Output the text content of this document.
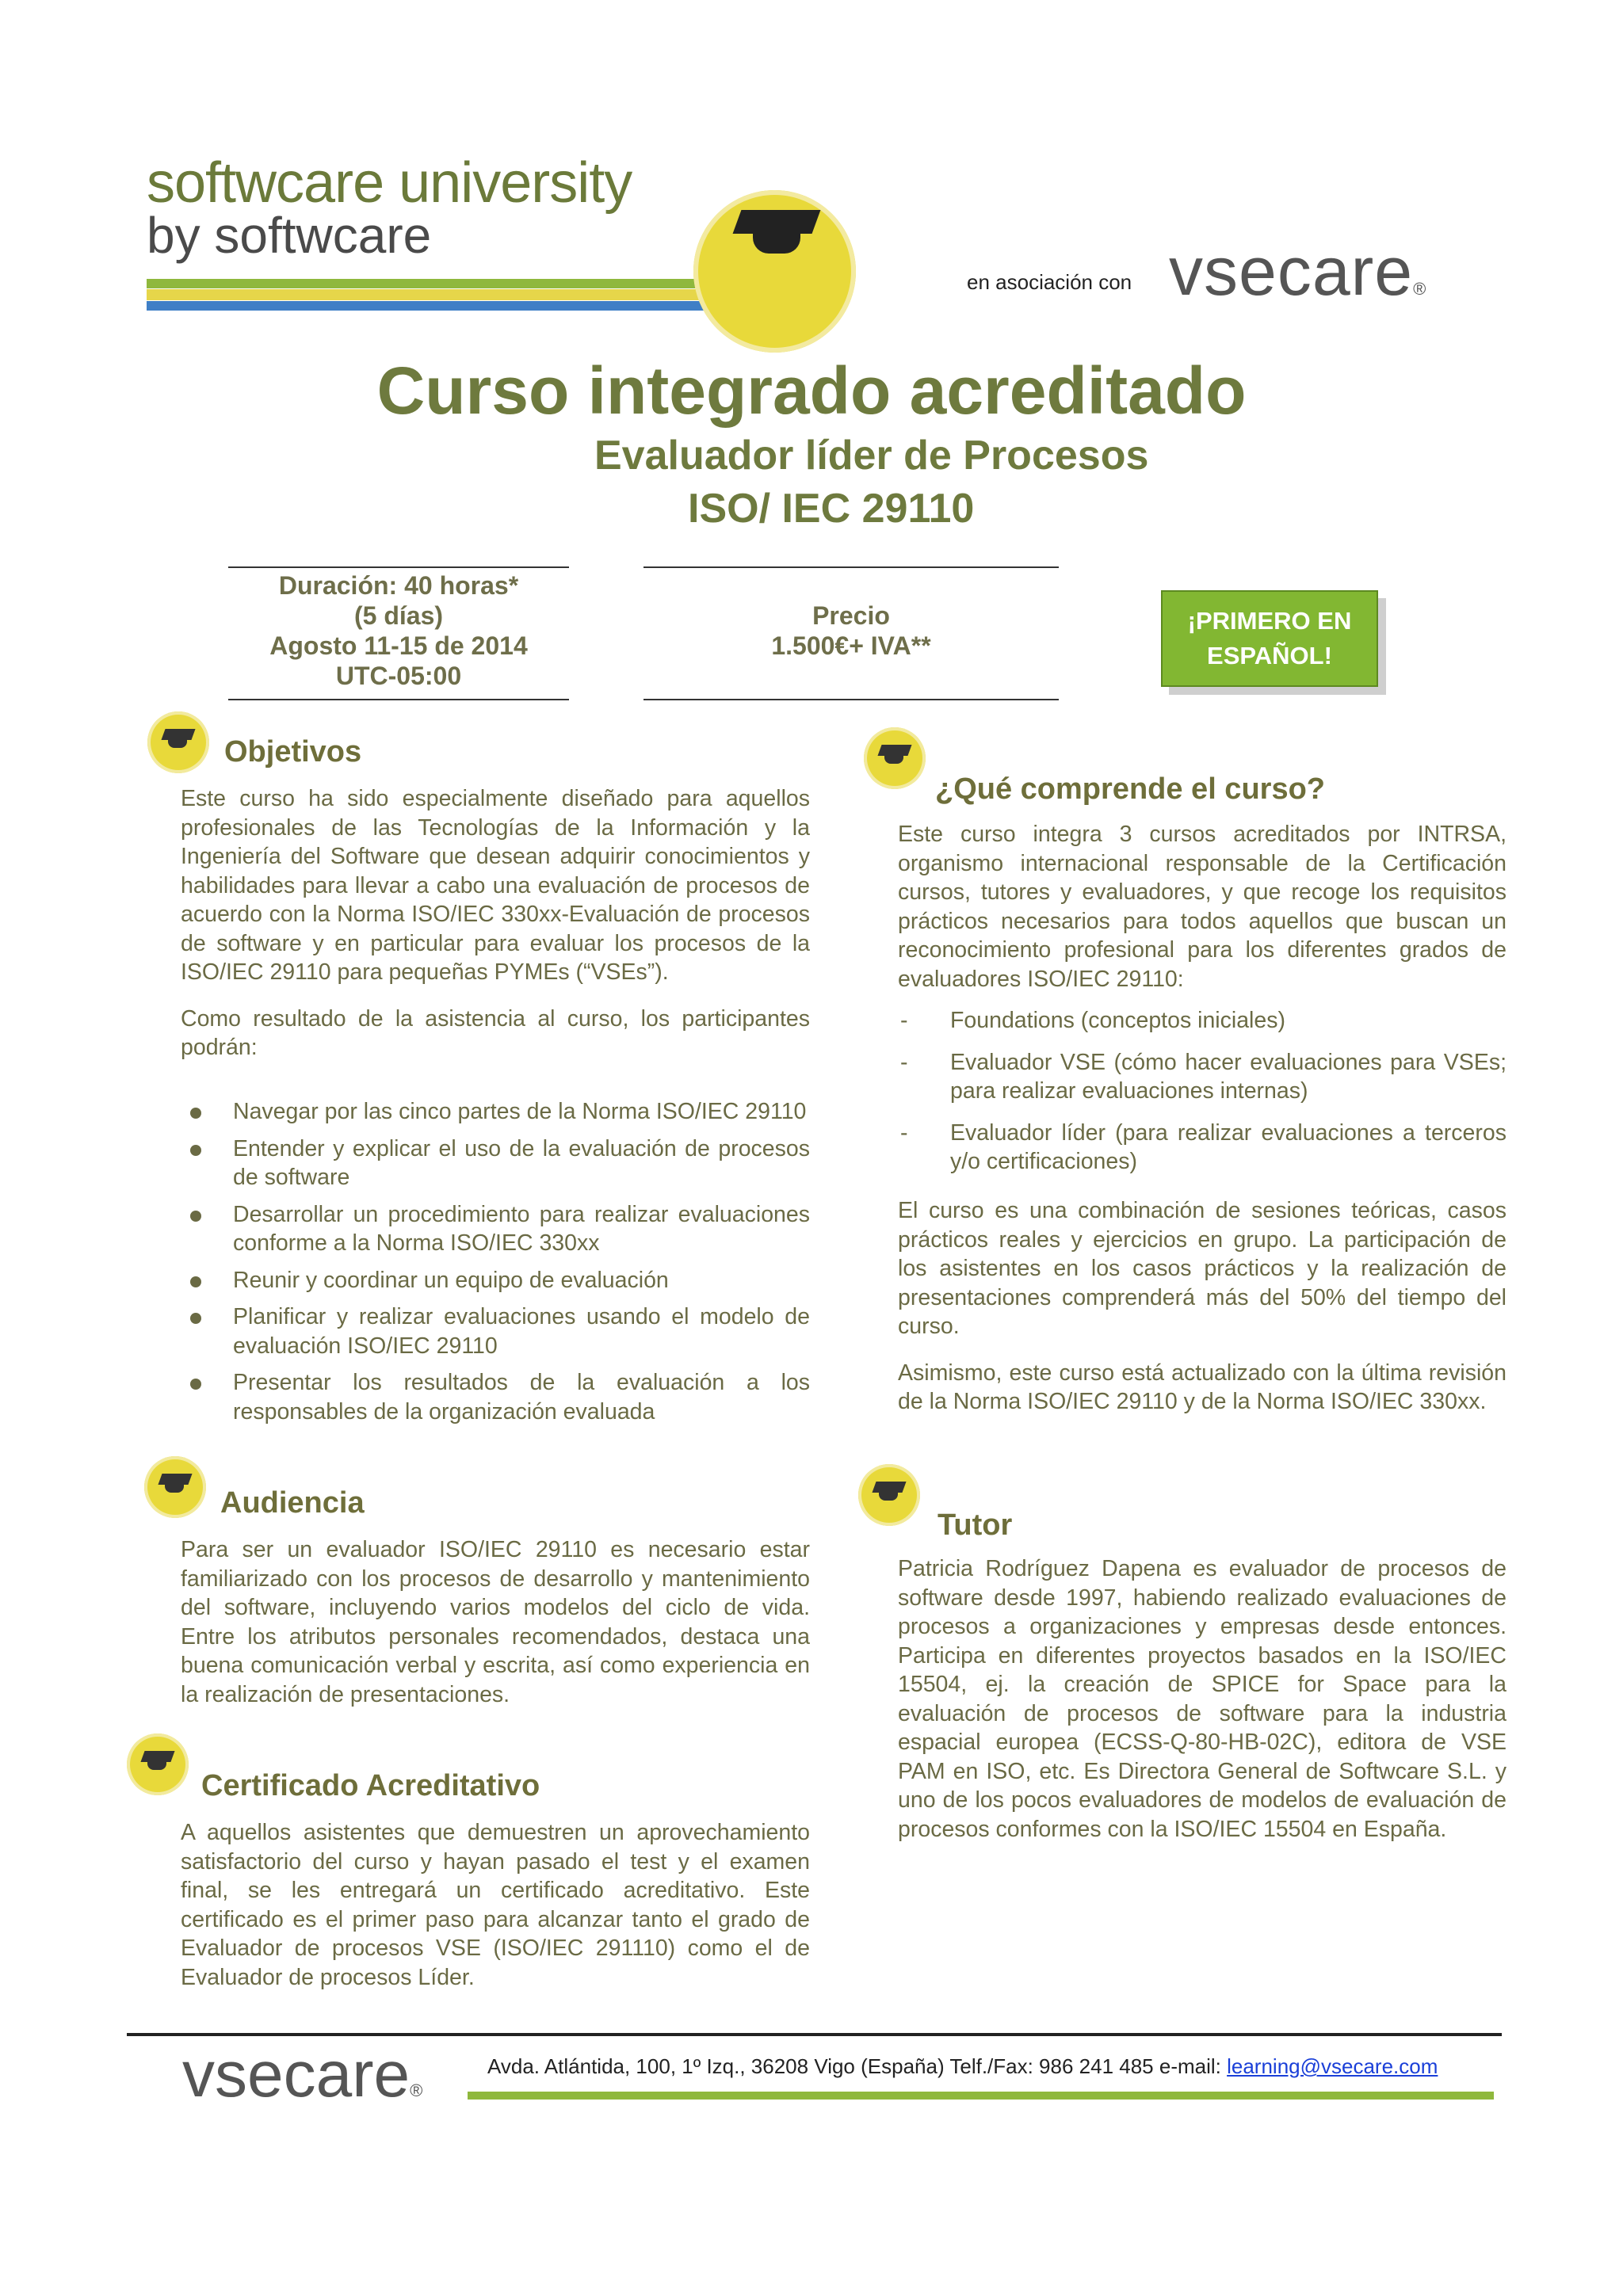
softwcare university
by softwcare
en asociación con vsecare®
Curso integrado acreditado
Evaluador líder de Procesos
ISO/ IEC 29110
Duración: 40 horas*
(5 días)
Agosto 11-15 de 2014
UTC-05:00
Precio
1.500€+ IVA**
¡PRIMERO EN
ESPAÑOL!
Objetivos

Este curso ha sido especialmente diseñado para aquellos profesionales de las Tecnologías de la Información y la Ingeniería del Software que desean adquirir conocimientos y habilidades para llevar a cabo una evaluación de procesos de acuerdo con la Norma ISO/IEC 330xx-Evaluación de procesos de software y en particular para evaluar los procesos de la ISO/IEC 29110 para pequeñas PYMEs (“VSEs”).

Como resultado de la asistencia al curso, los participantes podrán:

Navegar por las cinco partes de la Norma ISO/IEC 29110
Entender y explicar el uso de la evaluación de procesos de software
Desarrollar un procedimiento para realizar evaluaciones conforme a la Norma ISO/IEC 330xx
Reunir y coordinar un equipo de evaluación
Planificar y realizar evaluaciones usando el modelo de evaluación ISO/IEC 29110
Presentar los resultados de la evaluación a los responsables de la organización evaluada
Audiencia

Para ser un evaluador ISO/IEC 29110 es necesario estar familiarizado con los procesos de desarrollo y mantenimiento del software, incluyendo varios modelos del ciclo de vida. Entre los atributos personales recomendados, destaca una buena comunicación verbal y escrita, así como experiencia en la realización de presentaciones.

Certificado Acreditativo

A aquellos asistentes que demuestren un aprovechamiento satisfactorio del curso y hayan pasado el test y el examen final, se les entregará un certificado acreditativo. Este certificado es el primer paso para alcanzar tanto el grado de Evaluador de procesos VSE (ISO/IEC 291110) como el de Evaluador de procesos Líder.

¿Qué comprende el curso?

Este curso integra 3 cursos acreditados por INTRSA, organismo internacional responsable de la Certificación cursos, tutores y evaluadores, y que recoge los requisitos prácticos necesarios para todos aquellos que buscan un reconocimiento profesional para los diferentes grados de evaluadores ISO/IEC 29110:

- Foundations (conceptos iniciales)
- Evaluador VSE (cómo hacer evaluaciones para VSEs; para realizar evaluaciones internas)
- Evaluador líder (para realizar evaluaciones a terceros y/o certificaciones)

El curso es una combinación de sesiones teóricas, casos prácticos reales y ejercicios en grupo. La participación de los asistentes en los casos prácticos y la realización de presentaciones comprenderá más del 50% del tiempo del curso.

Asimismo, este curso está actualizado con la última revisión de la Norma ISO/IEC 29110 y de la Norma ISO/IEC 330xx.

Tutor

Patricia Rodríguez Dapena es evaluador de procesos de software desde 1997, habiendo realizado evaluaciones de procesos a organizaciones y empresas desde entonces. Participa en diferentes proyectos basados en la ISO/IEC 15504, ej. la creación de SPICE for Space para la evaluación de procesos de software para la industria espacial europea (ECSS-Q-80-HB-02C), editora de VSE PAM en ISO, etc. Es Directora General de Softwcare S.L. y uno de los pocos evaluadores de modelos de evaluación de procesos conformes con la ISO/IEC 15504 en España.

vsecare®
Avda. Atlántida, 100, 1º Izq., 36208 Vigo (España) Telf./Fax: 986 241 485 e-mail: learning@vsecare.com
